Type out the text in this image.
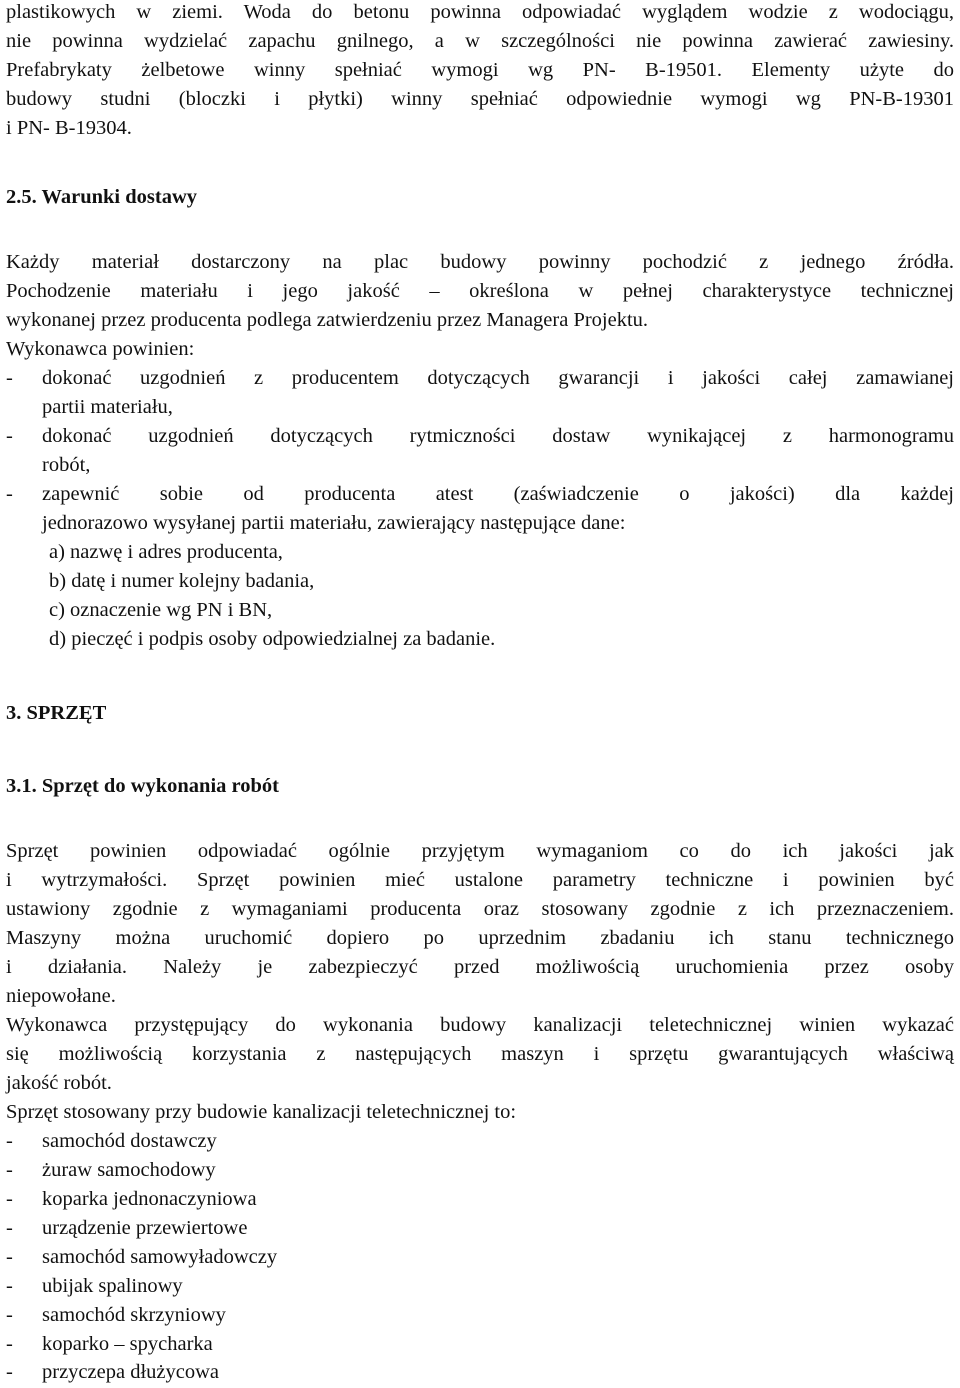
plastikowych w ziemi. Woda do betonu powinna odpowiadać wyglądem wodzie z wodociągu,
nie powinna wydzielać zapachu gnilnego, a w szczególności nie powinna zawierać zawiesiny.
Prefabrykaty żelbetowe winny spełniać wymogi wg PN- B-19501. Elementy użyte do
budowy studni (bloczki i płytki) winny spełniać odpowiednie wymogi wg PN-B-19301
i PN- B-19304.
2.5. Warunki dostawy
Każdy materiał dostarczony na plac budowy powinny pochodzić z jednego źródła.
Pochodzenie materiału i jego jakość – określona w pełnej charakterystyce technicznej
wykonanej przez producenta podlega zatwierdzeniu przez Managera Projektu.
Wykonawca powinien:
- dokonać uzgodnień z producentem dotyczących gwarancji i jakości całej zamawianej
partii materiału,
- dokonać uzgodnień dotyczących rytmiczności dostaw wynikającej z harmonogramu
robót,
- zapewnić sobie od producenta atest (zaświadczenie o jakości) dla każdej
jednorazowo wysyłanej partii materiału, zawierający następujące dane:
a) nazwę i adres producenta,
b) datę i numer kolejny badania,
c) oznaczenie wg PN i BN,
d) pieczęć i podpis osoby odpowiedzialnej za badanie.
3. SPRZĘT
3.1. Sprzęt do wykonania robót
Sprzęt powinien odpowiadać ogólnie przyjętym wymaganiom co do ich jakości jak
i wytrzymałości. Sprzęt powinien mieć ustalone parametry techniczne i powinien być
ustawiony zgodnie z wymaganiami producenta oraz stosowany zgodnie z ich przeznaczeniem.
Maszyny można uruchomić dopiero po uprzednim zbadaniu ich stanu technicznego
i działania. Należy je zabezpieczyć przed możliwością uruchomienia przez osoby
niepowołane.
Wykonawca przystępujący do wykonania budowy kanalizacji teletechnicznej winien wykazać
się możliwością korzystania z następujących maszyn i sprzętu gwarantujących właściwą
jakość robót.
Sprzęt stosowany przy budowie kanalizacji teletechnicznej to:
- samochód dostawczy
- żuraw samochodowy
- koparka jednonaczyniowa
- urządzenie przewiertowe
- samochód samowyładowczy
- ubijak spalinowy
- samochód skrzyniowy
- koparko – spycharka
- przyczepa dłużycowa
